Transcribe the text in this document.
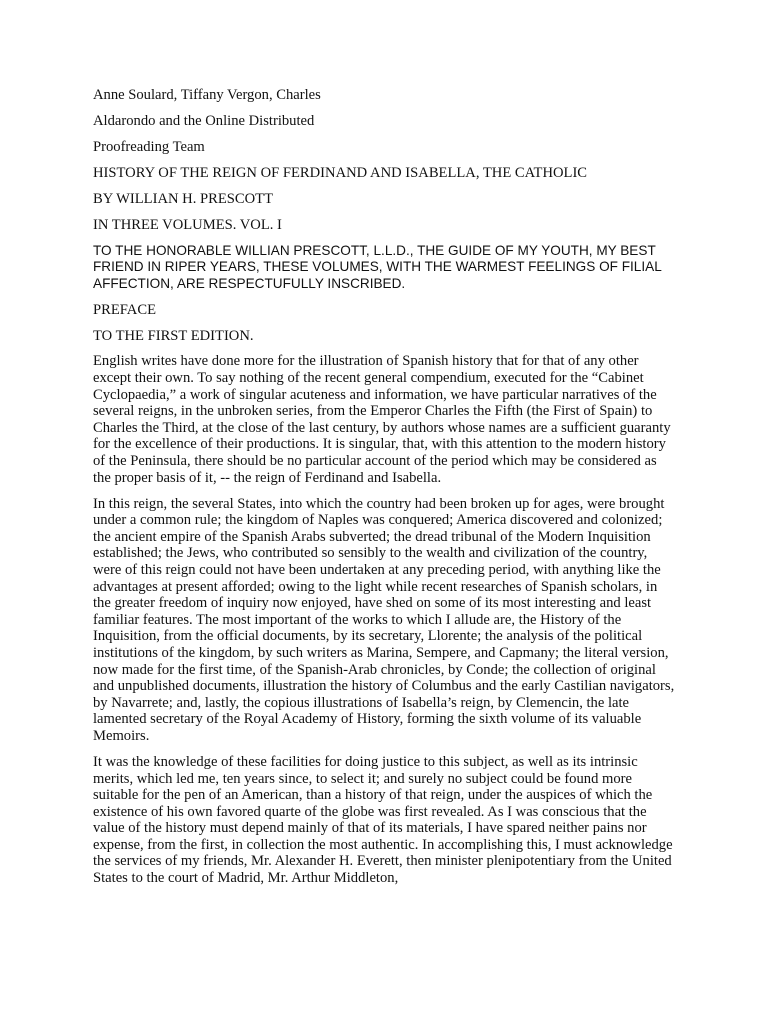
Anne Soulard, Tiffany Vergon, Charles

Aldarondo and the Online Distributed

Proofreading Team

HISTORY OF THE REIGN OF FERDINAND AND ISABELLA, THE CATHOLIC

BY WILLIAN H. PRESCOTT

IN THREE VOLUMES. VOL. I

TO THE HONORABLE WILLIAN PRESCOTT, L.L.D., THE GUIDE OF MY YOUTH, MY BEST FRIEND IN RIPER YEARS, THESE VOLUMES, WITH THE WARMEST FEELINGS OF FILIAL AFFECTION, ARE RESPECTUFULLY INSCRIBED.

PREFACE

TO THE FIRST EDITION.

English writes have done more for the illustration of Spanish history that for that of any other except their own. To say nothing of the recent general compendium, executed for the “Cabinet Cyclopaedia,” a work of singular acuteness and information, we have particular narratives of the several reigns, in the unbroken series, from the Emperor Charles the Fifth (the First of Spain) to Charles the Third, at the close of the last century, by authors whose names are a sufficient guaranty for the excellence of their productions. It is singular, that, with this attention to the modern history of the Peninsula, there should be no particular account of the period which may be considered as the proper basis of it, -- the reign of Ferdinand and Isabella.

In this reign, the several States, into which the country had been broken up for ages, were brought under a common rule; the kingdom of Naples was conquered; America discovered and colonized; the ancient empire of the Spanish Arabs subverted; the dread tribunal of the Modern Inquisition established; the Jews, who contributed so sensibly to the wealth and civilization of the country, were of this reign could not have been undertaken at any preceding period, with anything like the advantages at present afforded; owing to the light while recent researches of Spanish scholars, in the greater freedom of inquiry now enjoyed, have shed on some of its most interesting and least familiar features. The most important of the works to which I allude are, the History of the Inquisition, from the official documents, by its secretary, Llorente; the analysis of the political institutions of the kingdom, by such writers as Marina, Sempere, and Capmany; the literal version, now made for the first time, of the Spanish-Arab chronicles, by Conde; the collection of original and unpublished documents, illustration the history of Columbus and the early Castilian navigators, by Navarrete; and, lastly, the copious illustrations of Isabella’s reign, by Clemencin, the late lamented secretary of the Royal Academy of History, forming the sixth volume of its valuable Memoirs.

It was the knowledge of these facilities for doing justice to this subject, as well as its intrinsic merits, which led me, ten years since, to select it; and surely no subject could be found more suitable for the pen of an American, than a history of that reign, under the auspices of which the existence of his own favored quarte of the globe was first revealed. As I was conscious that the value of the history must depend mainly of that of its materials, I have spared neither pains nor expense, from the first, in collection the most authentic. In accomplishing this, I must acknowledge the services of my friends, Mr. Alexander H. Everett, then minister plenipotentiary from the United States to the court of Madrid, Mr. Arthur Middleton,
